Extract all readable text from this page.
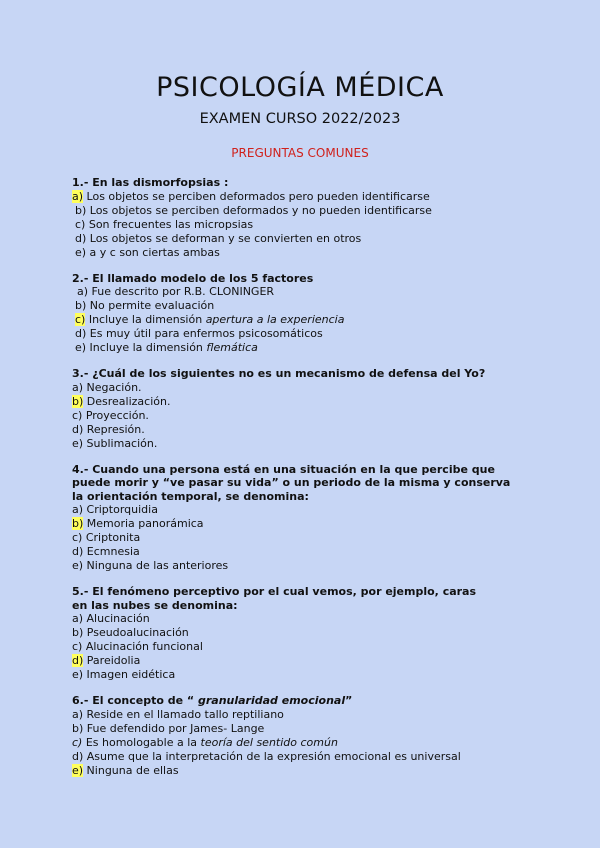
PSICOLOGÍA MÉDICA
EXAMEN CURSO 2022/2023
PREGUNTAS COMUNES
1.- En las dismorfopsias :
a) Los objetos se perciben deformados pero pueden identificarse
b) Los objetos se perciben deformados y no pueden identificarse
c) Son frecuentes las micropsias
d) Los objetos se deforman y se convierten en otros
e) a y c son ciertas ambas
2.- El llamado modelo de los 5 factores
a) Fue descrito por R.B. CLONINGER
b) No permite evaluación
c) Incluye la dimensión apertura a la experiencia
d) Es muy útil para enfermos psicosomáticos
e) Incluye la dimensión flemática
3.- ¿Cuál de los siguientes no es un mecanismo de defensa del Yo?
a) Negación.
b) Desrealización.
c) Proyección.
d) Represión.
e) Sublimación.
4.- Cuando una persona está en una situación en la que percibe que
puede morir y “ve pasar su vida” o un periodo de la misma y conserva
la orientación temporal, se denomina:
a) Criptorquidia
b) Memoria panorámica
c) Criptonita
d) Ecmnesia
e) Ninguna de las anteriores
5.- El fenómeno perceptivo por el cual vemos, por ejemplo, caras
en las nubes se denomina:
a) Alucinación
b) Pseudoalucinación
c) Alucinación funcional
d) Pareidolia
e) Imagen eidética
6.- El concepto de “ granularidad emocional”
a) Reside en el llamado tallo reptiliano
b) Fue defendido por James- Lange
c) Es homologable a la teoría del sentido común
d) Asume que la interpretación de la expresión emocional es universal
e) Ninguna de ellas
